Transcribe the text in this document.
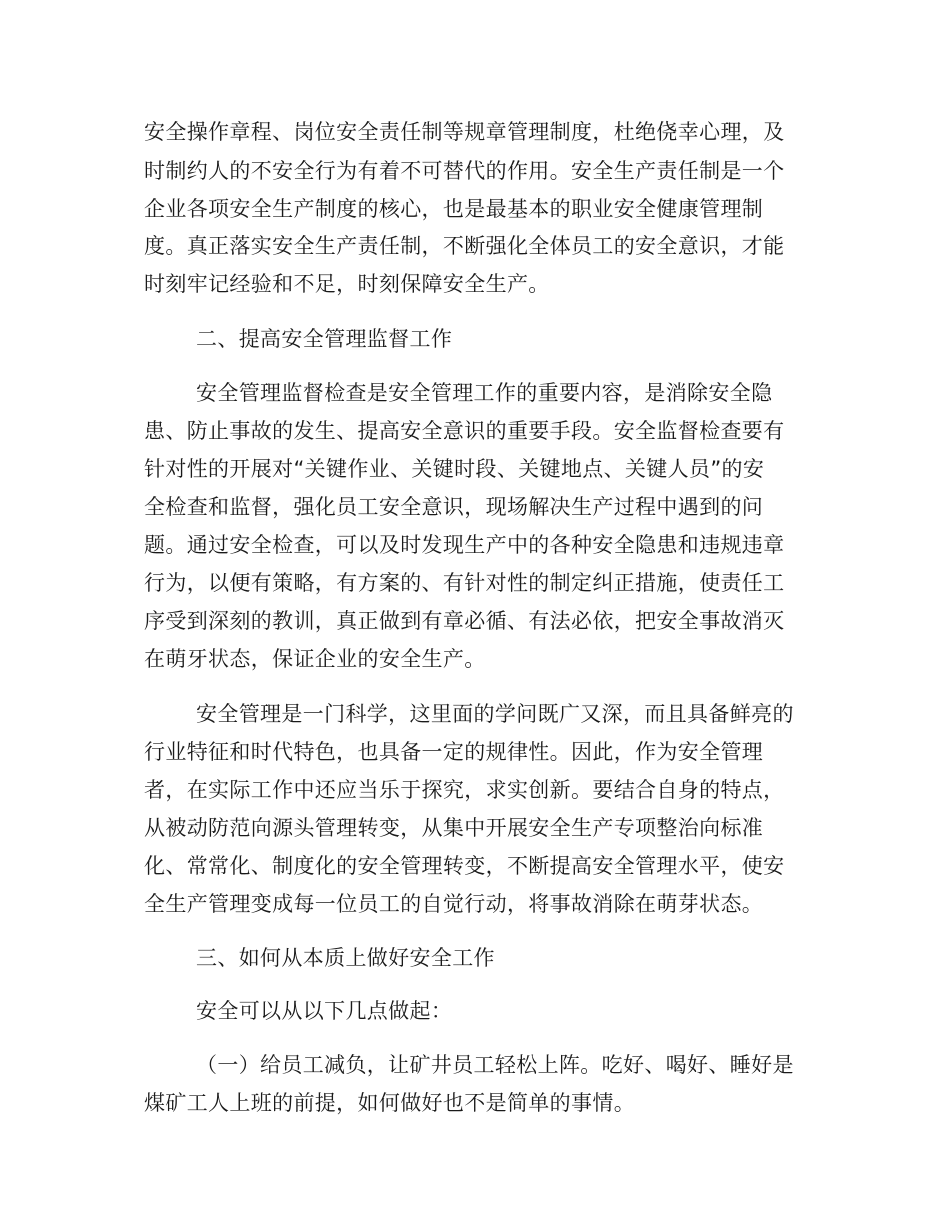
安全操作章程、岗位安全责任制等规章管理制度，杜绝侥幸心理，及
时制约人的不安全行为有着不可替代的作用。安全生产责任制是一个
企业各项安全生产制度的核心，也是最基本的职业安全健康管理制
度。真正落实安全生产责任制，不断强化全体员工的安全意识，才能
时刻牢记经验和不足，时刻保障安全生产。
二、提高安全管理监督工作
安全管理监督检查是安全管理工作的重要内容，是消除安全隐
患、防止事故的发生、提高安全意识的重要手段。安全监督检查要有
针对性的开展对“关键作业、关键时段、关键地点、关键人员”的安
全检查和监督，强化员工安全意识，现场解决生产过程中遇到的问
题。通过安全检查，可以及时发现生产中的各种安全隐患和违规违章
行为，以便有策略，有方案的、有针对性的制定纠正措施，使责任工
序受到深刻的教训，真正做到有章必循、有法必依，把安全事故消灭
在萌牙状态，保证企业的安全生产。
安全管理是一门科学，这里面的学问既广又深，而且具备鲜亮的
行业特征和时代特色，也具备一定的规律性。因此，作为安全管理
者，在实际工作中还应当乐于探究，求实创新。要结合自身的特点，
从被动防范向源头管理转变，从集中开展安全生产专项整治向标准
化、常常化、制度化的安全管理转变，不断提高安全管理水平，使安
全生产管理变成每一位员工的自觉行动，将事故消除在萌芽状态。
三、如何从本质上做好安全工作
安全可以从以下几点做起：
（一）给员工减负，让矿井员工轻松上阵。吃好、喝好、睡好是
煤矿工人上班的前提，如何做好也不是简单的事情。
